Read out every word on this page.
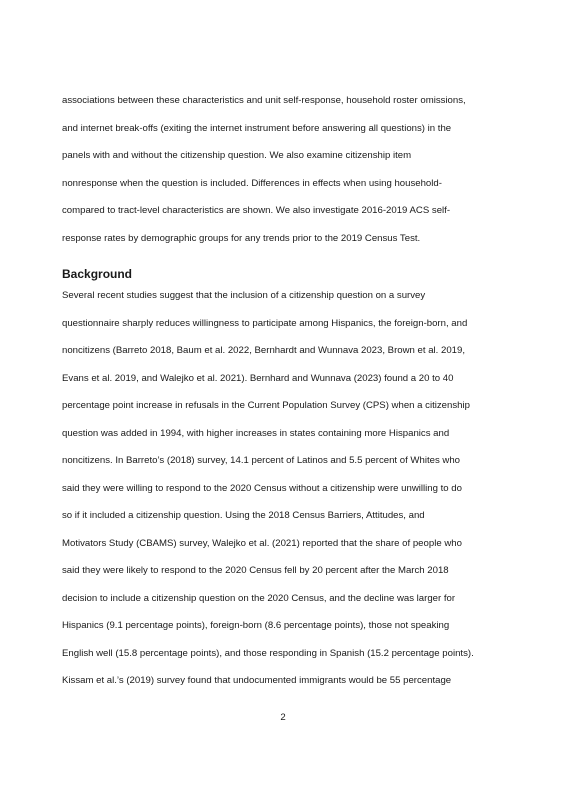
associations between these characteristics and unit self-response, household roster omissions,
and internet break-offs (exiting the internet instrument before answering all questions) in the
panels with and without the citizenship question. We also examine citizenship item
nonresponse when the question is included. Differences in effects when using household-
compared to tract-level characteristics are shown. We also investigate 2016-2019 ACS self-
response rates by demographic groups for any trends prior to the 2019 Census Test.
Background
Several recent studies suggest that the inclusion of a citizenship question on a survey
questionnaire sharply reduces willingness to participate among Hispanics, the foreign-born, and
noncitizens (Barreto 2018, Baum et al. 2022, Bernhardt and Wunnava 2023, Brown et al. 2019,
Evans et al. 2019, and Walejko et al. 2021). Bernhard and Wunnava (2023) found a 20 to 40
percentage point increase in refusals in the Current Population Survey (CPS) when a citizenship
question was added in 1994, with higher increases in states containing more Hispanics and
noncitizens. In Barreto’s (2018) survey, 14.1 percent of Latinos and 5.5 percent of Whites who
said they were willing to respond to the 2020 Census without a citizenship were unwilling to do
so if it included a citizenship question. Using the 2018 Census Barriers, Attitudes, and
Motivators Study (CBAMS) survey, Walejko et al. (2021) reported that the share of people who
said they were likely to respond to the 2020 Census fell by 20 percent after the March 2018
decision to include a citizenship question on the 2020 Census, and the decline was larger for
Hispanics (9.1 percentage points), foreign-born (8.6 percentage points), those not speaking
English well (15.8 percentage points), and those responding in Spanish (15.2 percentage points).
Kissam et al.’s (2019) survey found that undocumented immigrants would be 55 percentage
2
